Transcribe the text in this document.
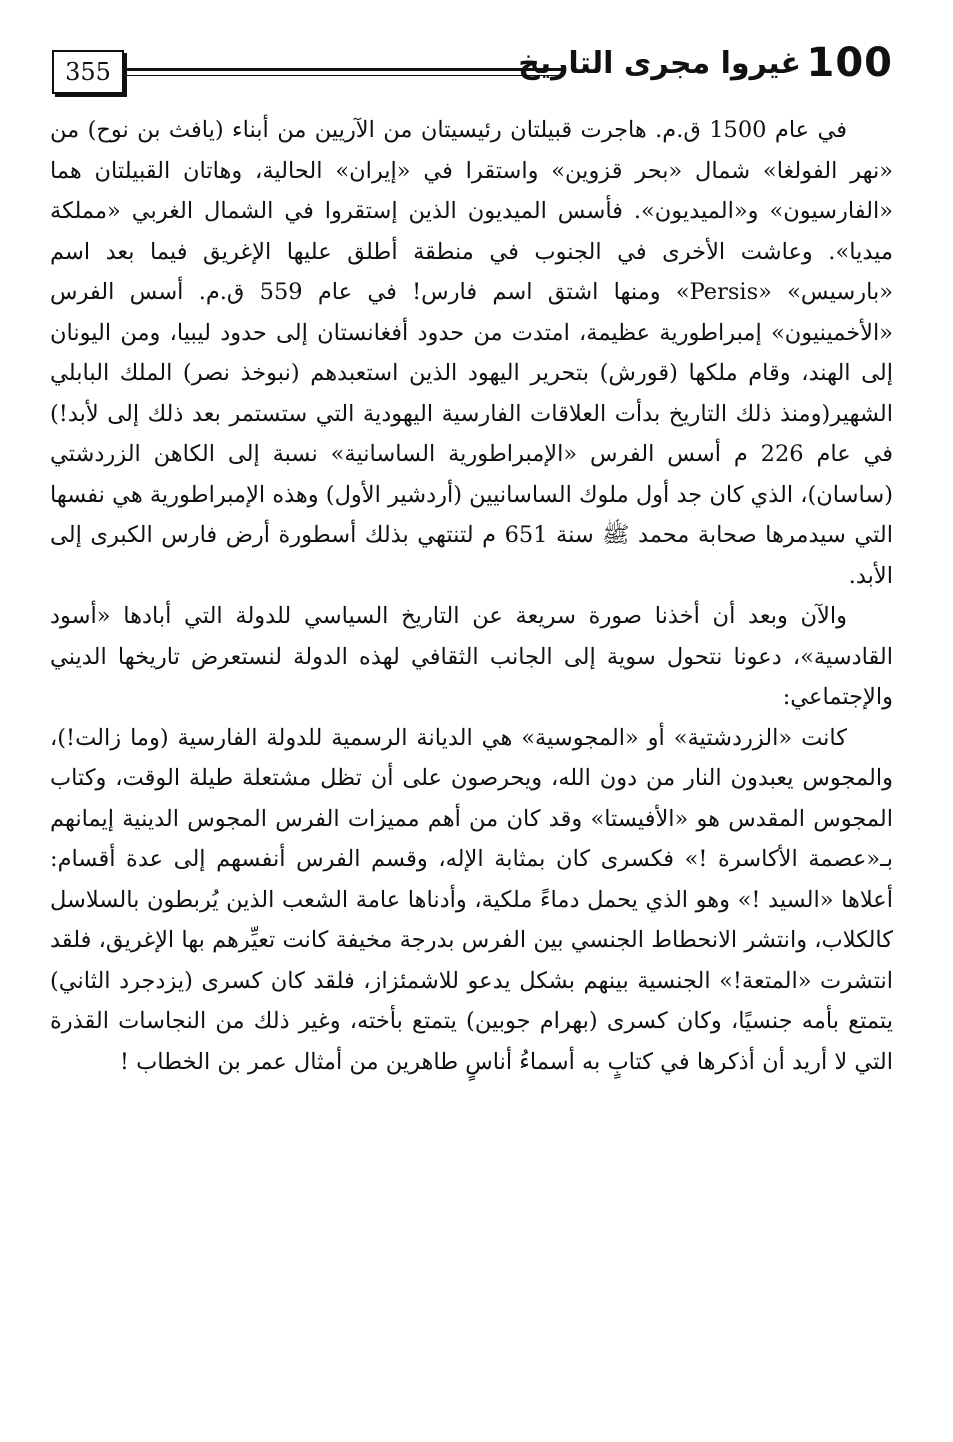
100
غيروا مجرى التاريخ
355

في عام 1500 ق.م. هاجرت قبيلتان رئيسيتان من الآريين من أبناء (يافث بن نوح) من «نهر الفولغا» شمال «بحر قزوين» واستقرا في «إيران» الحالية، وهاتان القبيلتان هما «الفارسيون» و«الميديون». فأسس الميديون الذين إستقروا في الشمال الغربي «مملكة ميديا». وعاشت الأخرى في الجنوب في منطقة أطلق عليها الإغريق فيما بعد اسم «بارسيس» «Persis» ومنها اشتق اسم فارس! في عام 559 ق.م. أسس الفرس «الأخمينيون» إمبراطورية عظيمة، امتدت من حدود أفغانستان إلى حدود ليبيا، ومن اليونان إلى الهند، وقام ملكها (قورش) بتحرير اليهود الذين استعبدهم (نبوخذ نصر) الملك البابلي الشهير(ومنذ ذلك التاريخ بدأت العلاقات الفارسية اليهودية التي ستستمر بعد ذلك إلى لأبد!) في عام 226 م أسس الفرس «الإمبراطورية الساسانية» نسبة إلى الكاهن الزردشتي (ساسان)، الذي كان جد أول ملوك الساسانيين (أردشير الأول) وهذه الإمبراطورية هي نفسها التي سيدمرها صحابة محمد ﷺ سنة 651 م لتنتهي بذلك أسطورة أرض فارس الكبرى إلى الأبد.

والآن وبعد أن أخذنا صورة سريعة عن التاريخ السياسي للدولة التي أبادها «أسود القادسية»، دعونا نتحول سوية إلى الجانب الثقافي لهذه الدولة لنستعرض تاريخها الديني والإجتماعي:

كانت «الزردشتية» أو «المجوسية» هي الديانة الرسمية للدولة الفارسية (وما زالت!)، والمجوس يعبدون النار من دون الله، ويحرصون على أن تظل مشتعلة طيلة الوقت، وكتاب المجوس المقدس هو «الأفيستا» وقد كان من أهم مميزات الفرس المجوس الدينية إيمانهم بـ«عصمة الأكاسرة !» فكسرى كان بمثابة الإله، وقسم الفرس أنفسهم إلى عدة أقسام: أعلاها «السيد !» وهو الذي يحمل دماءً ملكية، وأدناها عامة الشعب الذين يُربطون بالسلاسل كالكلاب، وانتشر الانحطاط الجنسي بين الفرس بدرجة مخيفة كانت تعيِّرهم بها الإغريق، فلقد انتشرت «المتعة!» الجنسية بينهم بشكل يدعو للاشمئزاز، فلقد كان كسرى (يزدجرد الثاني) يتمتع بأمه جنسيًا، وكان كسرى (بهرام جوبين) يتمتع بأخته، وغير ذلك من النجاسات القذرة التي لا أريد أن أذكرها في كتابٍ به أسماءُ أناسٍ طاهرين من أمثال عمر بن الخطاب !
